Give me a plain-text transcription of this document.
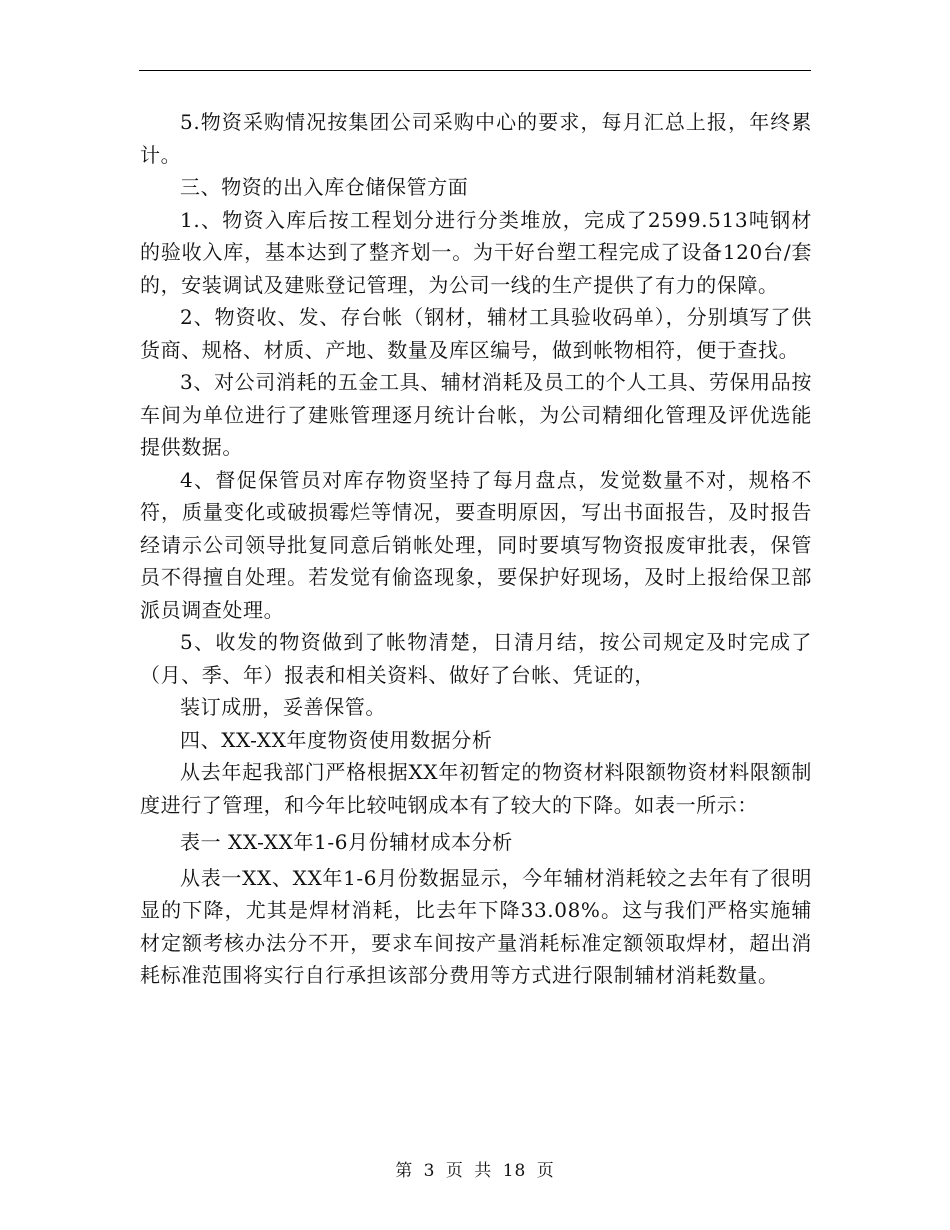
5.物资采购情况按集团公司采购中心的要求，每月汇总上报，年终累计。

三、物资的出入库仓储保管方面

1.、物资入库后按工程划分进行分类堆放，完成了2599.513吨钢材的验收入库，基本达到了整齐划一。为干好台塑工程完成了设备120台/套的，安装调试及建账登记管理，为公司一线的生产提供了有力的保障。

2、物资收、发、存台帐（钢材，辅材工具验收码单），分别填写了供货商、规格、材质、产地、数量及库区编号，做到帐物相符，便于查找。

3、对公司消耗的五金工具、辅材消耗及员工的个人工具、劳保用品按车间为单位进行了建账管理逐月统计台帐，为公司精细化管理及评优选能提供数据。

4、督促保管员对库存物资坚持了每月盘点，发觉数量不对，规格不符，质量变化或破损霉烂等情况，要查明原因，写出书面报告，及时报告经请示公司领导批复同意后销帐处理，同时要填写物资报废审批表，保管员不得擅自处理。若发觉有偷盗现象，要保护好现场，及时上报给保卫部派员调查处理。

5、收发的物资做到了帐物清楚，日清月结，按公司规定及时完成了（月、季、年）报表和相关资料、做好了台帐、凭证的，

装订成册，妥善保管。

四、XX-XX年度物资使用数据分析

从去年起我部门严格根据XX年初暂定的物资材料限额物资材料限额制度进行了管理，和今年比较吨钢成本有了较大的下降。如表一所示：

表一 XX-XX年1-6月份辅材成本分析

从表一XX、XX年1-6月份数据显示，今年辅材消耗较之去年有了很明显的下降，尤其是焊材消耗，比去年下降33.08%。这与我们严格实施辅材定额考核办法分不开，要求车间按产量消耗标准定额领取焊材，超出消耗标准范围将实行自行承担该部分费用等方式进行限制辅材消耗数量。

第 3 页 共 18 页
